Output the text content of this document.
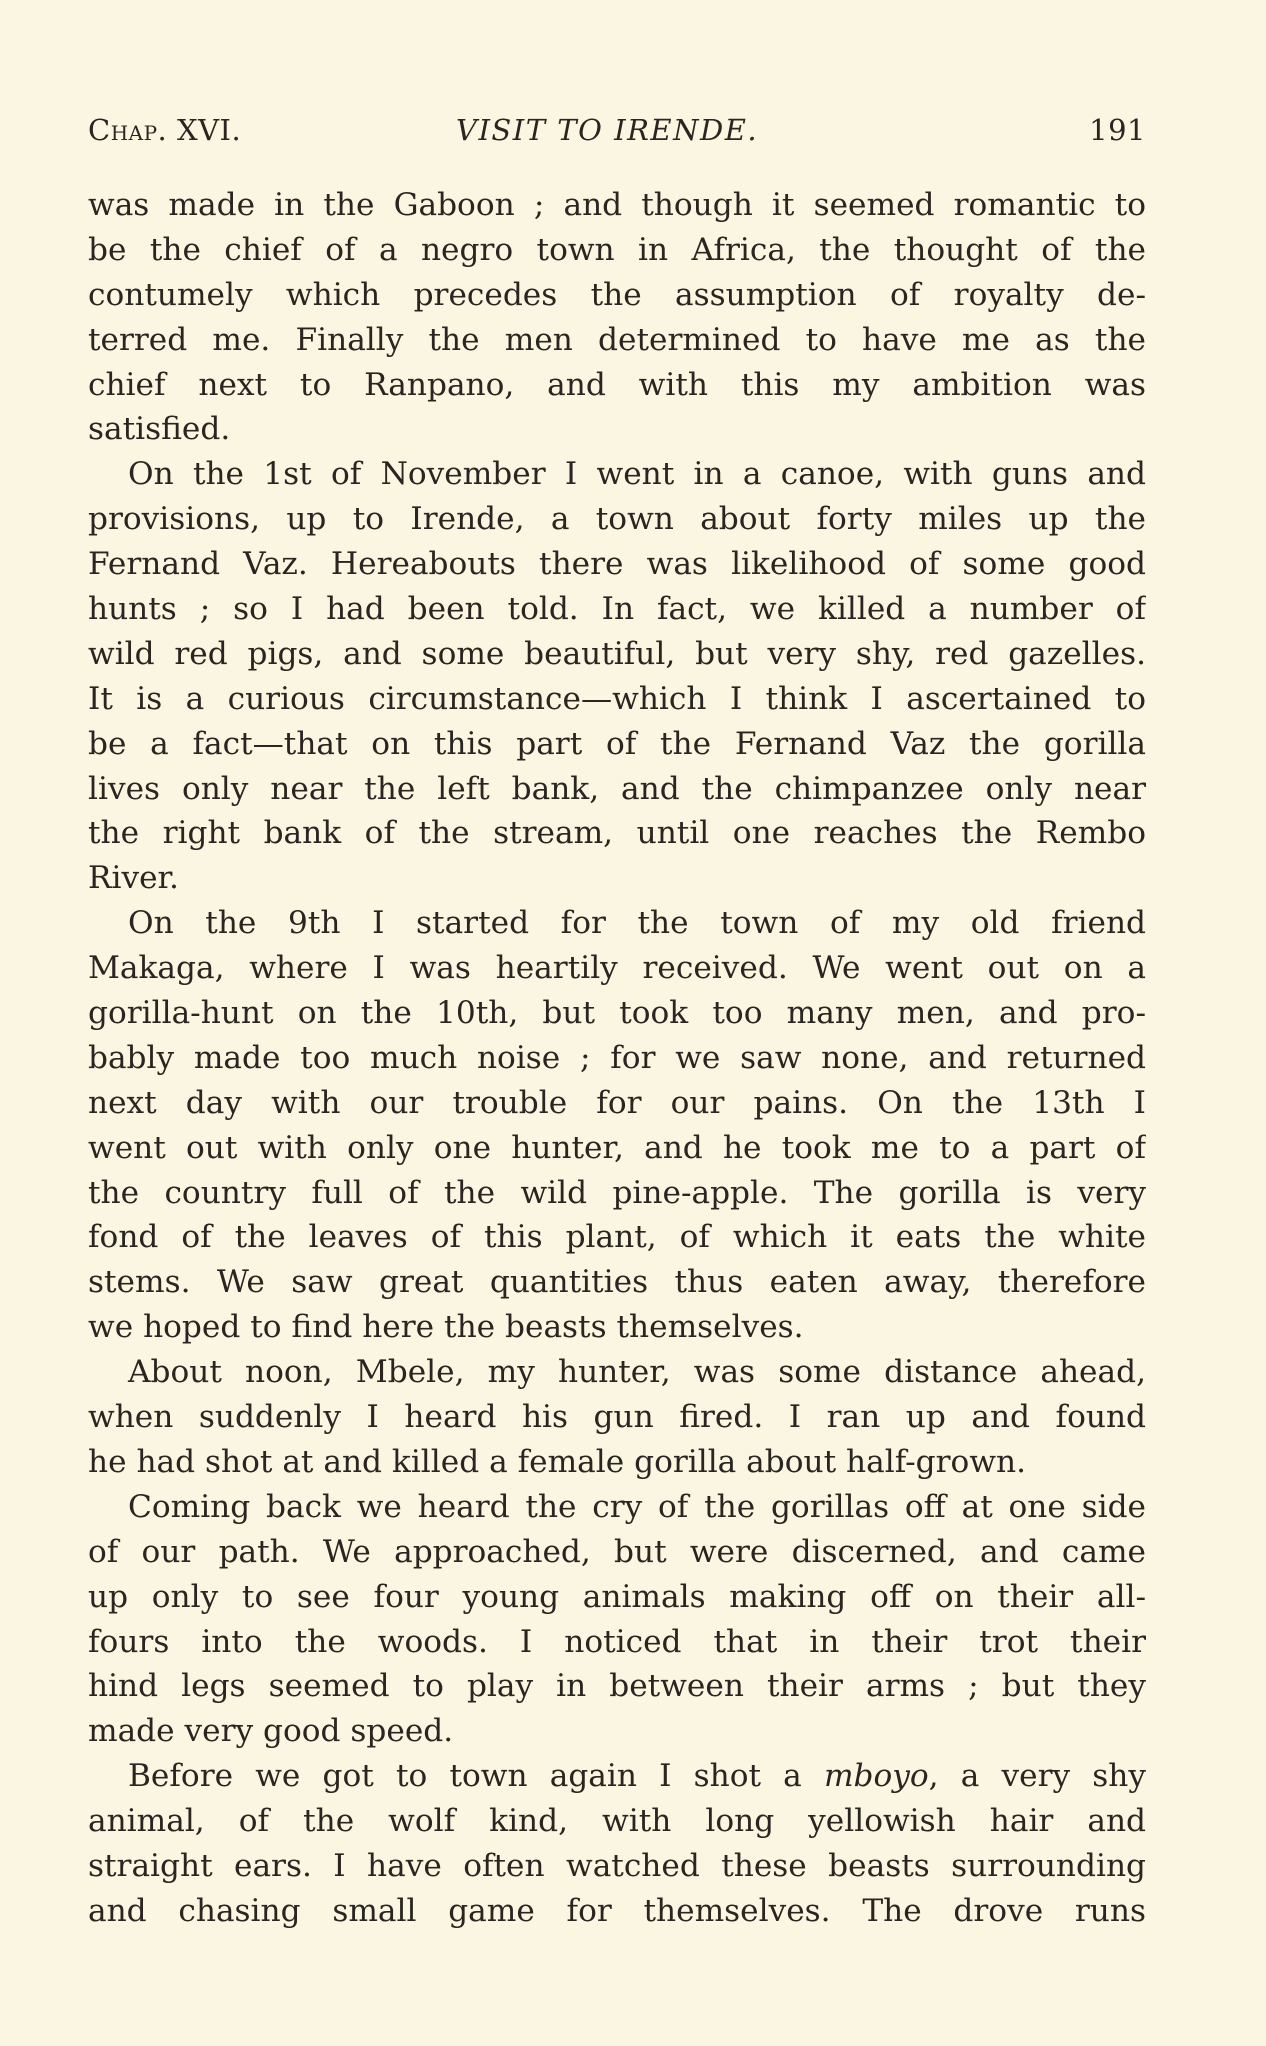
Chap. XVI.	VISIT TO IRENDE.	191
was made in the Gaboon ; and though it seemed romantic to
be the chief of a negro town in Africa, the thought of the
contumely which precedes the assumption of royalty de-
terred me. Finally the men determined to have me as the
chief next to Ranpano, and with this my ambition was
satisfied.
On the 1st of November I went in a canoe, with guns and
provisions, up to Irende, a town about forty miles up the
Fernand Vaz. Hereabouts there was likelihood of some good
hunts ; so I had been told. In fact, we killed a number of
wild red pigs, and some beautiful, but very shy, red gazelles.
It is a curious circumstance—which I think I ascertained to
be a fact—that on this part of the Fernand Vaz the gorilla
lives only near the left bank, and the chimpanzee only near
the right bank of the stream, until one reaches the Rembo
River.
On the 9th I started for the town of my old friend
Makaga, where I was heartily received. We went out on a
gorilla-hunt on the 10th, but took too many men, and pro-
bably made too much noise ; for we saw none, and returned
next day with our trouble for our pains. On the 13th I
went out with only one hunter, and he took me to a part of
the country full of the wild pine-apple. The gorilla is very
fond of the leaves of this plant, of which it eats the white
stems. We saw great quantities thus eaten away, therefore
we hoped to find here the beasts themselves.
About noon, Mbele, my hunter, was some distance ahead,
when suddenly I heard his gun fired. I ran up and found
he had shot at and killed a female gorilla about half-grown.
Coming back we heard the cry of the gorillas off at one side
of our path. We approached, but were discerned, and came
up only to see four young animals making off on their all-
fours into the woods. I noticed that in their trot their
hind legs seemed to play in between their arms ; but they
made very good speed.
Before we got to town again I shot a mboyo, a very shy
animal, of the wolf kind, with long yellowish hair and
straight ears. I have often watched these beasts surrounding
and chasing small game for themselves. The drove runs
